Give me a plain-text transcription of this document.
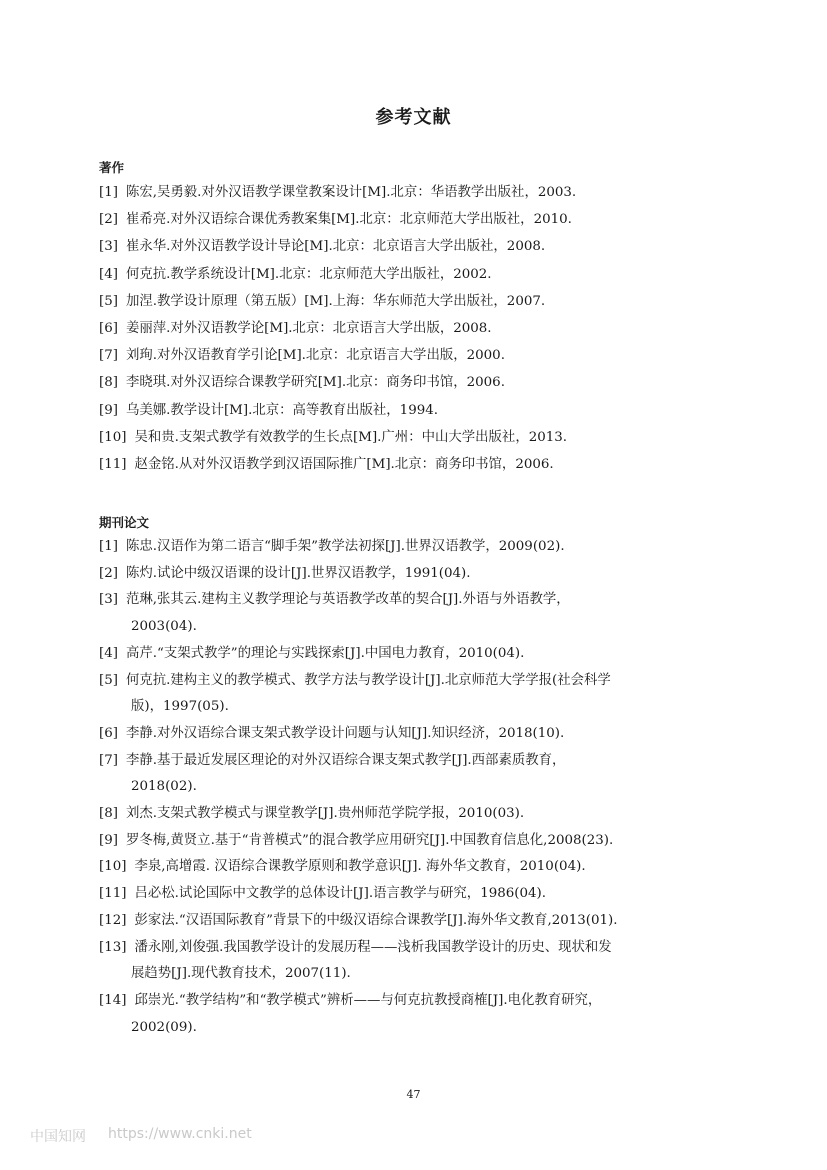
参考文献
著作
[1] 陈宏,吴勇毅.对外汉语教学课堂教案设计[M].北京：华语教学出版社，2003.
[2] 崔希亮.对外汉语综合课优秀教案集[M].北京：北京师范大学出版社，2010.
[3] 崔永华.对外汉语教学设计导论[M].北京：北京语言大学出版社，2008.
[4] 何克抗.教学系统设计[M].北京：北京师范大学出版社，2002.
[5] 加涅.教学设计原理（第五版）[M].上海：华东师范大学出版社，2007.
[6] 姜丽萍.对外汉语教学论[M].北京：北京语言大学出版，2008.
[7] 刘珣.对外汉语教育学引论[M].北京：北京语言大学出版，2000.
[8] 李晓琪.对外汉语综合课教学研究[M].北京：商务印书馆，2006.
[9] 乌美娜.教学设计[M].北京：高等教育出版社，1994.
[10] 吴和贵.支架式教学有效教学的生长点[M].广州：中山大学出版社，2013.
[11] 赵金铭.从对外汉语教学到汉语国际推广[M].北京：商务印书馆，2006.
期刊论文
[1] 陈忠.汉语作为第二语言“脚手架”教学法初探[J].世界汉语教学，2009(02).
[2] 陈灼.试论中级汉语课的设计[J].世界汉语教学，1991(04).
[3] 范琳,张其云.建构主义教学理论与英语教学改革的契合[J].外语与外语教学，
2003(04).
[4] 高芹.“支架式教学”的理论与实践探索[J].中国电力教育，2010(04).
[5] 何克抗.建构主义的教学模式、教学方法与教学设计[J].北京师范大学学报(社会科学
版)，1997(05).
[6] 李静.对外汉语综合课支架式教学设计问题与认知[J].知识经济，2018(10).
[7] 李静.基于最近发展区理论的对外汉语综合课支架式教学[J].西部素质教育，
2018(02).
[8] 刘杰.支架式教学模式与课堂教学[J].贵州师范学院学报，2010(03).
[9] 罗冬梅,黄贤立.基于“肯普模式”的混合教学应用研究[J].中国教育信息化,2008(23).
[10] 李泉,高增霞. 汉语综合课教学原则和教学意识[J]. 海外华文教育，2010(04).
[11] 吕必松.试论国际中文教学的总体设计[J].语言教学与研究，1986(04).
[12] 彭家法.“汉语国际教育”背景下的中级汉语综合课教学[J].海外华文教育,2013(01).
[13] 潘永刚,刘俊强.我国教学设计的发展历程——浅析我国教学设计的历史、现状和发
展趋势[J].现代教育技术，2007(11).
[14] 邱崇光.“教学结构”和“教学模式”辨析——与何克抗教授商榷[J].电化教育研究，
2002(09).
47
中国知网 https://www.cnki.net
